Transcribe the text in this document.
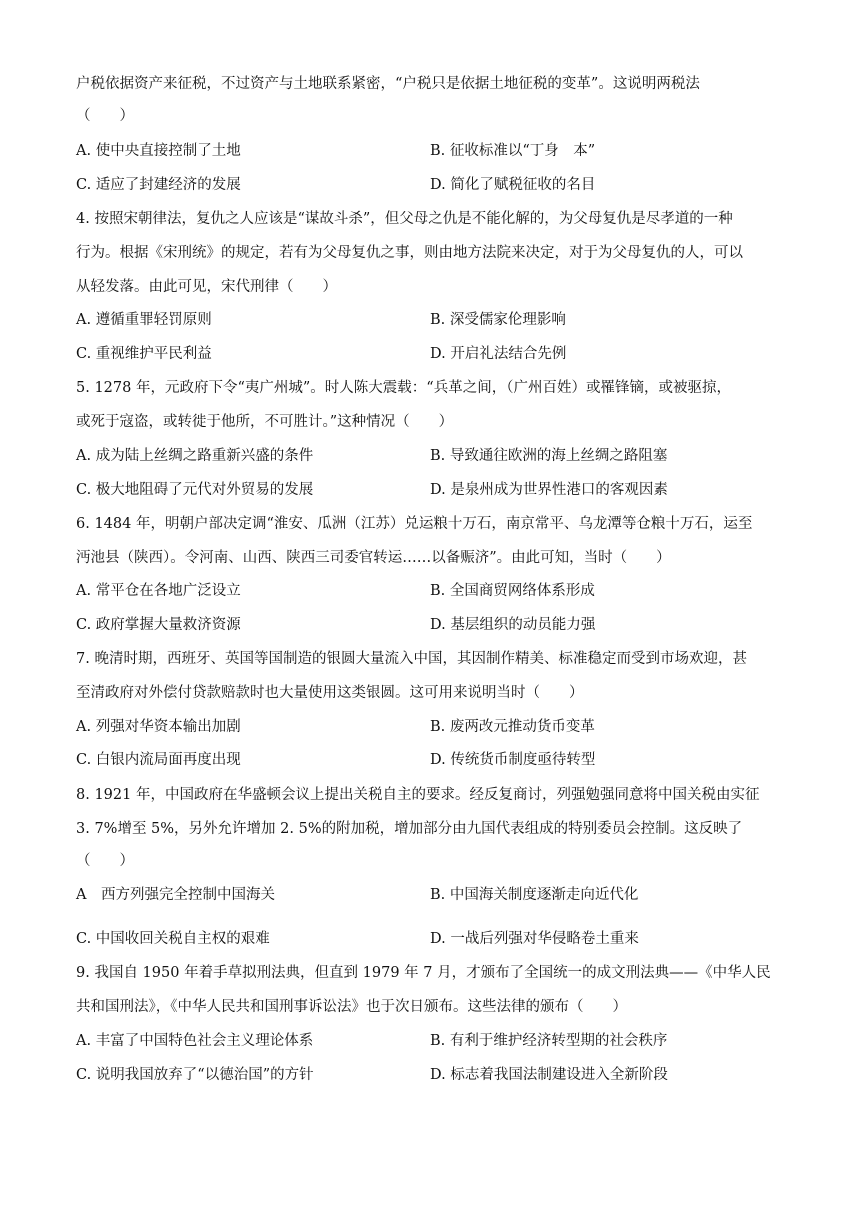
户税依据资产来征税，不过资产与土地联系紧密，“户税只是依据土地征税的变革”。这说明两税法
（　　）
A. 使中央直接控制了土地	B. 征收标准以“丁身　本”
C. 适应了封建经济的发展	D. 简化了赋税征收的名目
4. 按照宋朝律法，复仇之人应该是“谋故斗杀”，但父母之仇是不能化解的，为父母复仇是尽孝道的一种
行为。根据《宋刑统》的规定，若有为父母复仇之事，则由地方法院来决定，对于为父母复仇的人，可以
从轻发落。由此可见，宋代刑律（　　）
A. 遵循重罪轻罚原则	B. 深受儒家伦理影响
C. 重视维护平民利益	D. 开启礼法结合先例
5. 1278 年，元政府下令“夷广州城”。时人陈大震载：“兵革之间，（广州百姓）或罹锋镝，或被驱掠，
或死于寇盗，或转徙于他所，不可胜计。”这种情况（　　）
A. 成为陆上丝绸之路重新兴盛的条件	B. 导致通往欧洲的海上丝绸之路阻塞
C. 极大地阻碍了元代对外贸易的发展	D. 是泉州成为世界性港口的客观因素
6. 1484 年，明朝户部决定调“淮安、瓜洲（江苏）兑运粮十万石，南京常平、乌龙潭等仓粮十万石，运至
沔池县（陕西）。令河南、山西、陕西三司委官转运……以备赈济”。由此可知，当时（　　）
A. 常平仓在各地广泛设立	B. 全国商贸网络体系形成
C. 政府掌握大量救济资源	D. 基层组织的动员能力强
7. 晚清时期，西班牙、英国等国制造的银圆大量流入中国，其因制作精美、标准稳定而受到市场欢迎，甚
至清政府对外偿付贷款赔款时也大量使用这类银圆。这可用来说明当时（　　）
A. 列强对华资本输出加剧	B. 废两改元推动货币变革
C. 白银内流局面再度出现	D. 传统货币制度亟待转型
8. 1921 年，中国政府在华盛顿会议上提出关税自主的要求。经反复商讨，列强勉强同意将中国关税由实征
3. 7%增至 5%，另外允许增加 2. 5%的附加税，增加部分由九国代表组成的特别委员会控制。这反映了
（　　）
A　西方列强完全控制中国海关	B. 中国海关制度逐渐走向近代化
C. 中国收回关税自主权的艰难	D. 一战后列强对华侵略卷土重来
9. 我国自 1950 年着手草拟刑法典，但直到 1979 年 7 月，才颁布了全国统一的成文刑法典——《中华人民
共和国刑法》，《中华人民共和国刑事诉讼法》也于次日颁布。这些法律的颁布（　　）
A. 丰富了中国特色社会主义理论体系	B. 有利于维护经济转型期的社会秩序
C. 说明我国放弃了“以德治国”的方针	D. 标志着我国法制建设进入全新阶段
